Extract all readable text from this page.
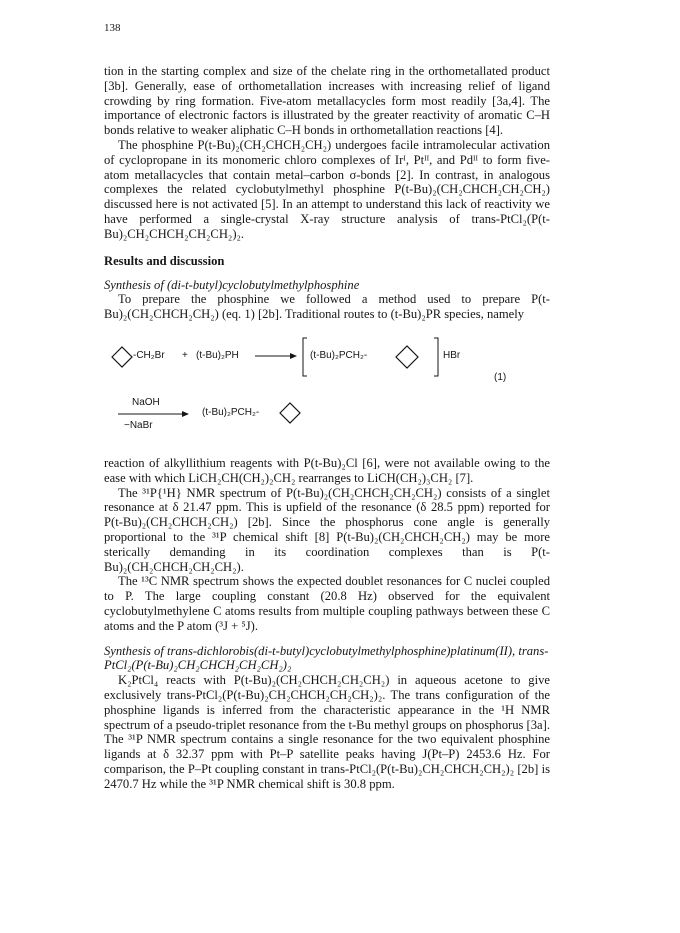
138

tion in the starting complex and size of the chelate ring in the orthometallated product [3b]. Generally, ease of orthometallation increases with increasing relief of ligand crowding by ring formation. Five-atom metallacycles form most readily [3a,4]. The importance of electronic factors is illustrated by the greater reactivity of aromatic C–H bonds relative to weaker aliphatic C–H bonds in orthometallation reactions [4].

The phosphine P(t-Bu)₂(CH₂CHCH₂CH₂) undergoes facile intramolecular activation of cyclopropane in its monomeric chloro complexes of Irᴵ, Ptᴵᴵ, and Pdᴵᴵ to form five-atom metallacycles that contain metal–carbon σ-bonds [2]. In contrast, in analogous complexes the related cyclobutylmethyl phosphine P(t-Bu)₂(CH₂CHCH₂CH₂CH₂) discussed here is not activated [5]. In an attempt to understand this lack of reactivity we have performed a single-crystal X-ray structure analysis of trans-PtCl₂(P(t-Bu)₂CH₂CHCH₂CH₂CH₂)₂.

Results and discussion
Synthesis of (di-t-butyl)cyclobutylmethylphosphine

To prepare the phosphine we followed a method used to prepare P(t-Bu)₂(CH₂CHCH₂CH₂) (eq. 1) [2b]. Traditional routes to (t-Bu)₂PR species, namely

-CH₂Br + (t-Bu)₂PH	(t-Bu)₂PCH₂-	HBr
(1)
NaOH
−NaBr
(t-Bu)₂PCH₂-

reaction of alkyllithium reagents with P(t-Bu)₂Cl [6], were not available owing to the ease with which LiCH₂CH(CH₂)₂CH₂ rearranges to LiCH(CH₂)₃CH₂ [7].

The ³¹P{¹H} NMR spectrum of P(t-Bu)₂(CH₂CHCH₂CH₂CH₂) consists of a singlet resonance at δ 21.47 ppm. This is upfield of the resonance (δ 28.5 ppm) reported for P(t-Bu)₂(CH₂CHCH₂CH₂) [2b]. Since the phosphorus cone angle is generally proportional to the ³¹P chemical shift [8] P(t-Bu)₂(CH₂CHCH₂CH₂) may be more sterically demanding in its coordination complexes than is P(t-Bu)₂(CH₂CHCH₂CH₂CH₂).

The ¹³C NMR spectrum shows the expected doublet resonances for C nuclei coupled to P. The large coupling constant (20.8 Hz) observed for the equivalent cyclobutylmethylene C atoms results from multiple coupling pathways between these C atoms and the P atom (³J + ⁵J).

Synthesis of trans-dichlorobis(di-t-butyl)cyclobutylmethylphosphine)platinum(II), trans-PtCl₂(P(t-Bu)₂CH₂CHCH₂CH₂CH₂)₂

K₂PtCl₄ reacts with P(t-Bu)₂(CH₂CHCH₂CH₂CH₂) in aqueous acetone to give exclusively trans-PtCl₂(P(t-Bu)₂CH₂CHCH₂CH₂CH₂)₂. The trans configuration of the phosphine ligands is inferred from the characteristic appearance in the ¹H NMR spectrum of a pseudo-triplet resonance from the t-Bu methyl groups on phosphorus [3a]. The ³¹P NMR spectrum contains a single resonance for the two equivalent phosphine ligands at δ 32.37 ppm with Pt–P satellite peaks having J(Pt–P) 2453.6 Hz. For comparison, the P–Pt coupling constant in trans-PtCl₂(P(t-Bu)₂CH₂CHCH₂CH₂)₂ [2b] is 2470.7 Hz while the ³¹P NMR chemical shift is 30.8 ppm.
